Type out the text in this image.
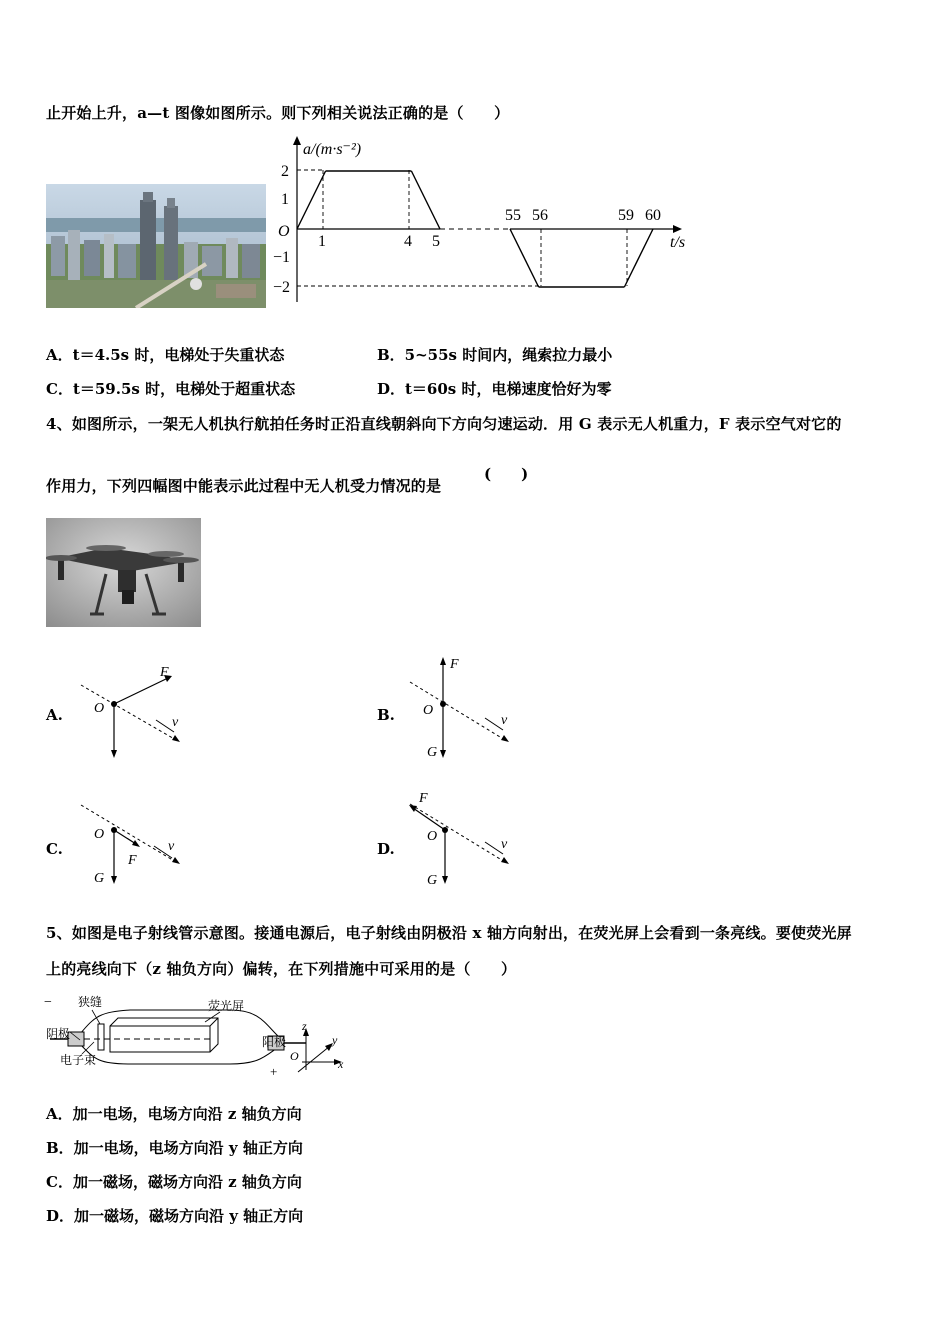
止开始上升，a—t 图像如图所示。则下列相关说法正确的是（　　）
a/(m·s⁻²)
O
2
1
−1
−2
1	4 5
55 56	59 60
t/s
A．t＝4.5s 时，电梯处于失重状态	B．5~55s 时间内，绳索拉力最小
C．t＝59.5s 时，电梯处于超重状态	D．t＝60s 时，电梯速度恰好为零
4、如图所示，一架无人机执行航拍任务时正沿直线朝斜向下方向匀速运动．用 G 表示无人机重力，F 表示空气对它的
作用力，下列四幅图中能表示此过程中无人机受力情况的是
(　　)
A.	B.
C.	D.
F
O
v
F
O
G
v
O
F
G
v
F
O
G
v
5、如图是电子射线管示意图。接通电源后，电子射线由阴极沿 x 轴方向射出，在荧光屏上会看到一条亮线。要使荧光屏
上的亮线向下（z 轴负方向）偏转，在下列措施中可采用的是（　　）
− 狭缝	荧光屏
阴极
电子束
阳极
+
z
y
x
O
A．加一电场，电场方向沿 z 轴负方向
B．加一电场，电场方向沿 y 轴正方向
C．加一磁场，磁场方向沿 z 轴负方向
D．加一磁场，磁场方向沿 y 轴正方向
